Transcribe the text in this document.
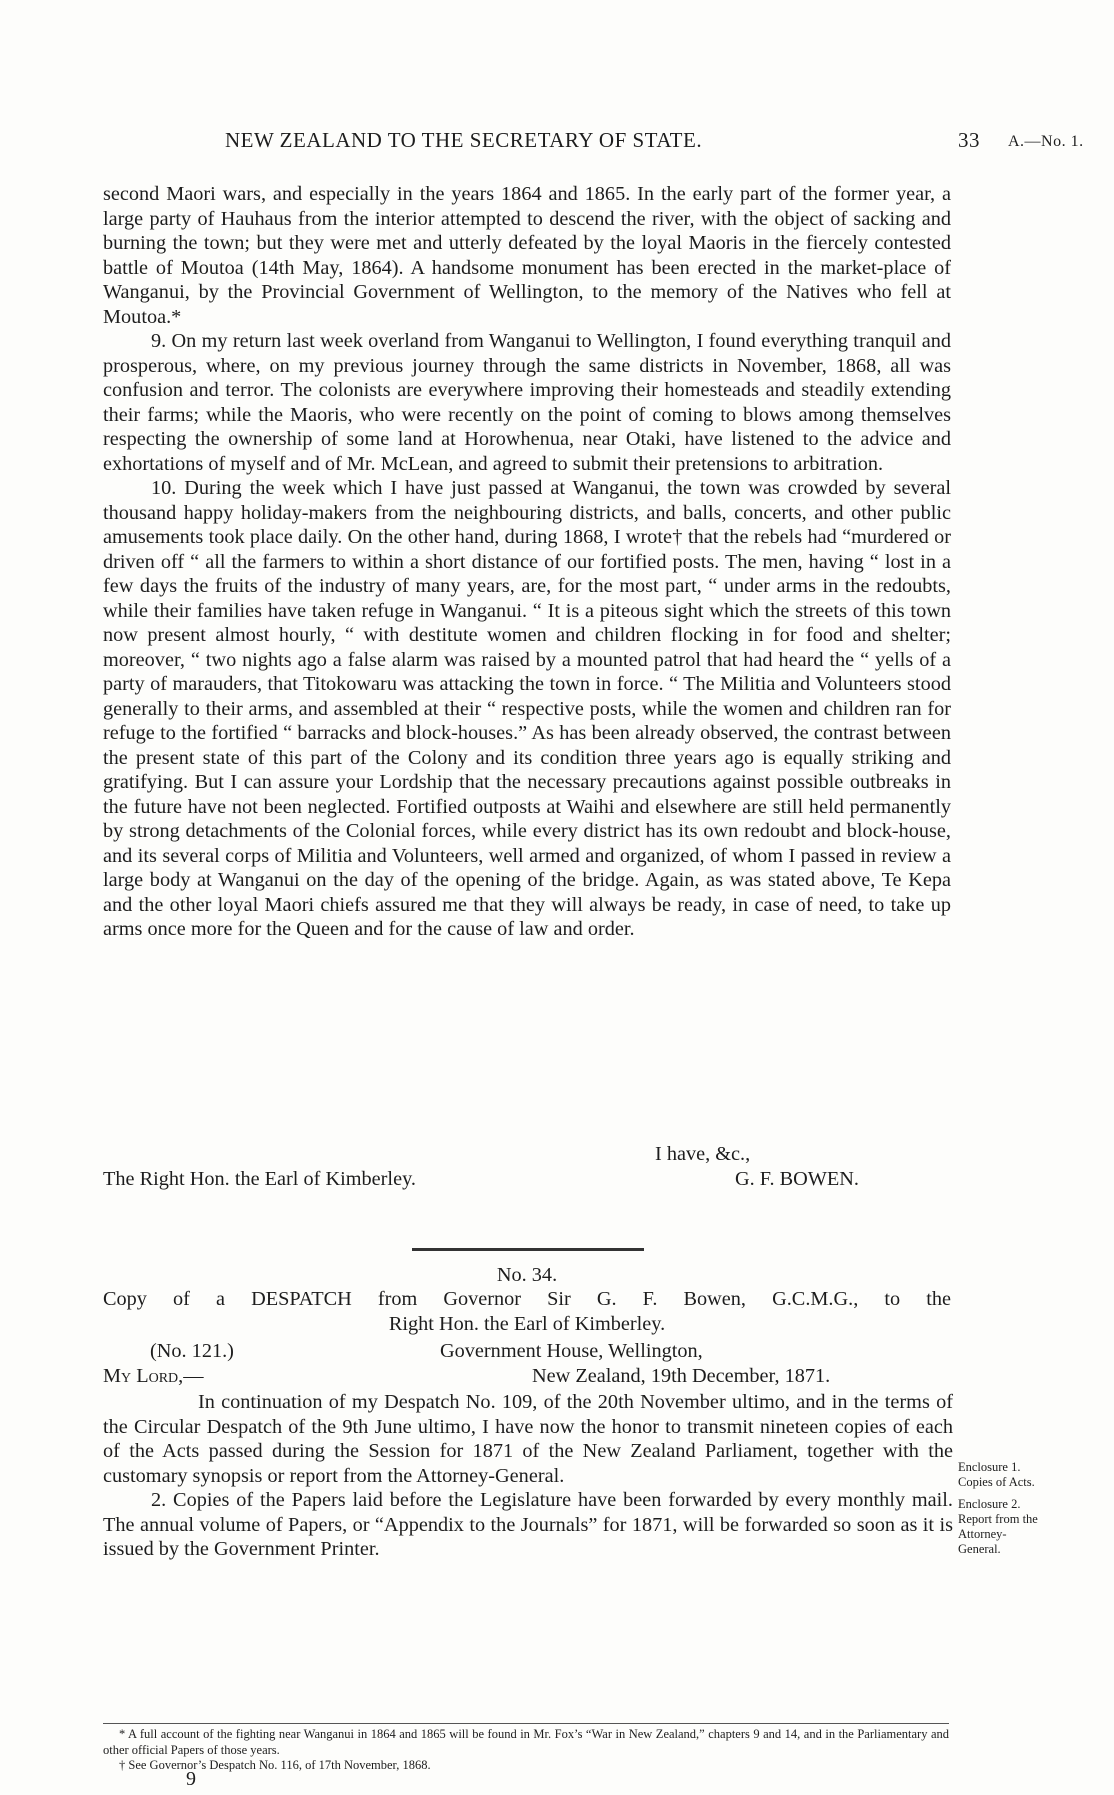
NEW ZEALAND TO THE SECRETARY OF STATE.	33 A.—No. 1.

second Maori wars, and especially in the years 1864 and 1865. In the early part of the former year, a large party of Hauhaus from the interior attempted to descend the river, with the object of sacking and burning the town; but they were met and utterly defeated by the loyal Maoris in the fiercely contested battle of Moutoa (14th May, 1864). A handsome monument has been erected in the market-place of Wanganui, by the Provincial Government of Wellington, to the memory of the Natives who fell at Moutoa.*

9. On my return last week overland from Wanganui to Wellington, I found everything tranquil and prosperous, where, on my previous journey through the same districts in November, 1868, all was confusion and terror. The colonists are everywhere improving their homesteads and steadily extending their farms; while the Maoris, who were recently on the point of coming to blows among themselves respecting the ownership of some land at Horowhenua, near Otaki, have listened to the advice and exhortations of myself and of Mr. McLean, and agreed to submit their pretensions to arbitration.

10. During the week which I have just passed at Wanganui, the town was crowded by several thousand happy holiday-makers from the neighbouring districts, and balls, concerts, and other public amusements took place daily. On the other hand, during 1868, I wrote† that the rebels had “murdered or driven off “ all the farmers to within a short distance of our fortified posts. The men, having “ lost in a few days the fruits of the industry of many years, are, for the most part, “ under arms in the redoubts, while their families have taken refuge in Wanganui. “ It is a piteous sight which the streets of this town now present almost hourly, “ with destitute women and children flocking in for food and shelter; moreover, “ two nights ago a false alarm was raised by a mounted patrol that had heard the “ yells of a party of marauders, that Titokowaru was attacking the town in force. “ The Militia and Volunteers stood generally to their arms, and assembled at their “ respective posts, while the women and children ran for refuge to the fortified “ barracks and block-houses.” As has been already observed, the contrast between the present state of this part of the Colony and its condition three years ago is equally striking and gratifying. But I can assure your Lordship that the necessary precautions against possible outbreaks in the future have not been neglected. Fortified outposts at Waihi and elsewhere are still held permanently by strong detachments of the Colonial forces, while every district has its own redoubt and block-house, and its several corps of Militia and Volunteers, well armed and organized, of whom I passed in review a large body at Wanganui on the day of the opening of the bridge. Again, as was stated above, Te Kepa and the other loyal Maori chiefs assured me that they will always be ready, in case of need, to take up arms once more for the Queen and for the cause of law and order.

I have, &c.,
The Right Hon. the Earl of Kimberley.	G. F. BOWEN.
No. 34.
Copy of a DESPATCH from Governor Sir G. F. Bowen, G.C.M.G., to the
Right Hon. the Earl of Kimberley.
(No. 121.)	Government House, Wellington,
My Lord,—	New Zealand, 19th December, 1871.

In continuation of my Despatch No. 109, of the 20th November ultimo, and in the terms of the Circular Despatch of the 9th June ultimo, I have now the honor to transmit nineteen copies of each of the Acts passed during the Session for 1871 of the New Zealand Parliament, together with the customary synopsis or report from the Attorney-General.

2. Copies of the Papers laid before the Legislature have been forwarded by every monthly mail. The annual volume of Papers, or “Appendix to the Journals” for 1871, will be forwarded so soon as it is issued by the Government Printer.

Enclosure 1.
Copies of Acts.
Enclosure 2.
Report from the
Attorney-
General.

* A full account of the fighting near Wanganui in 1864 and 1865 will be found in Mr. Fox’s “War in New Zealand,” chapters 9 and 14, and in the Parliamentary and other official Papers of those years.

† See Governor’s Despatch No. 116, of 17th November, 1868.

9
